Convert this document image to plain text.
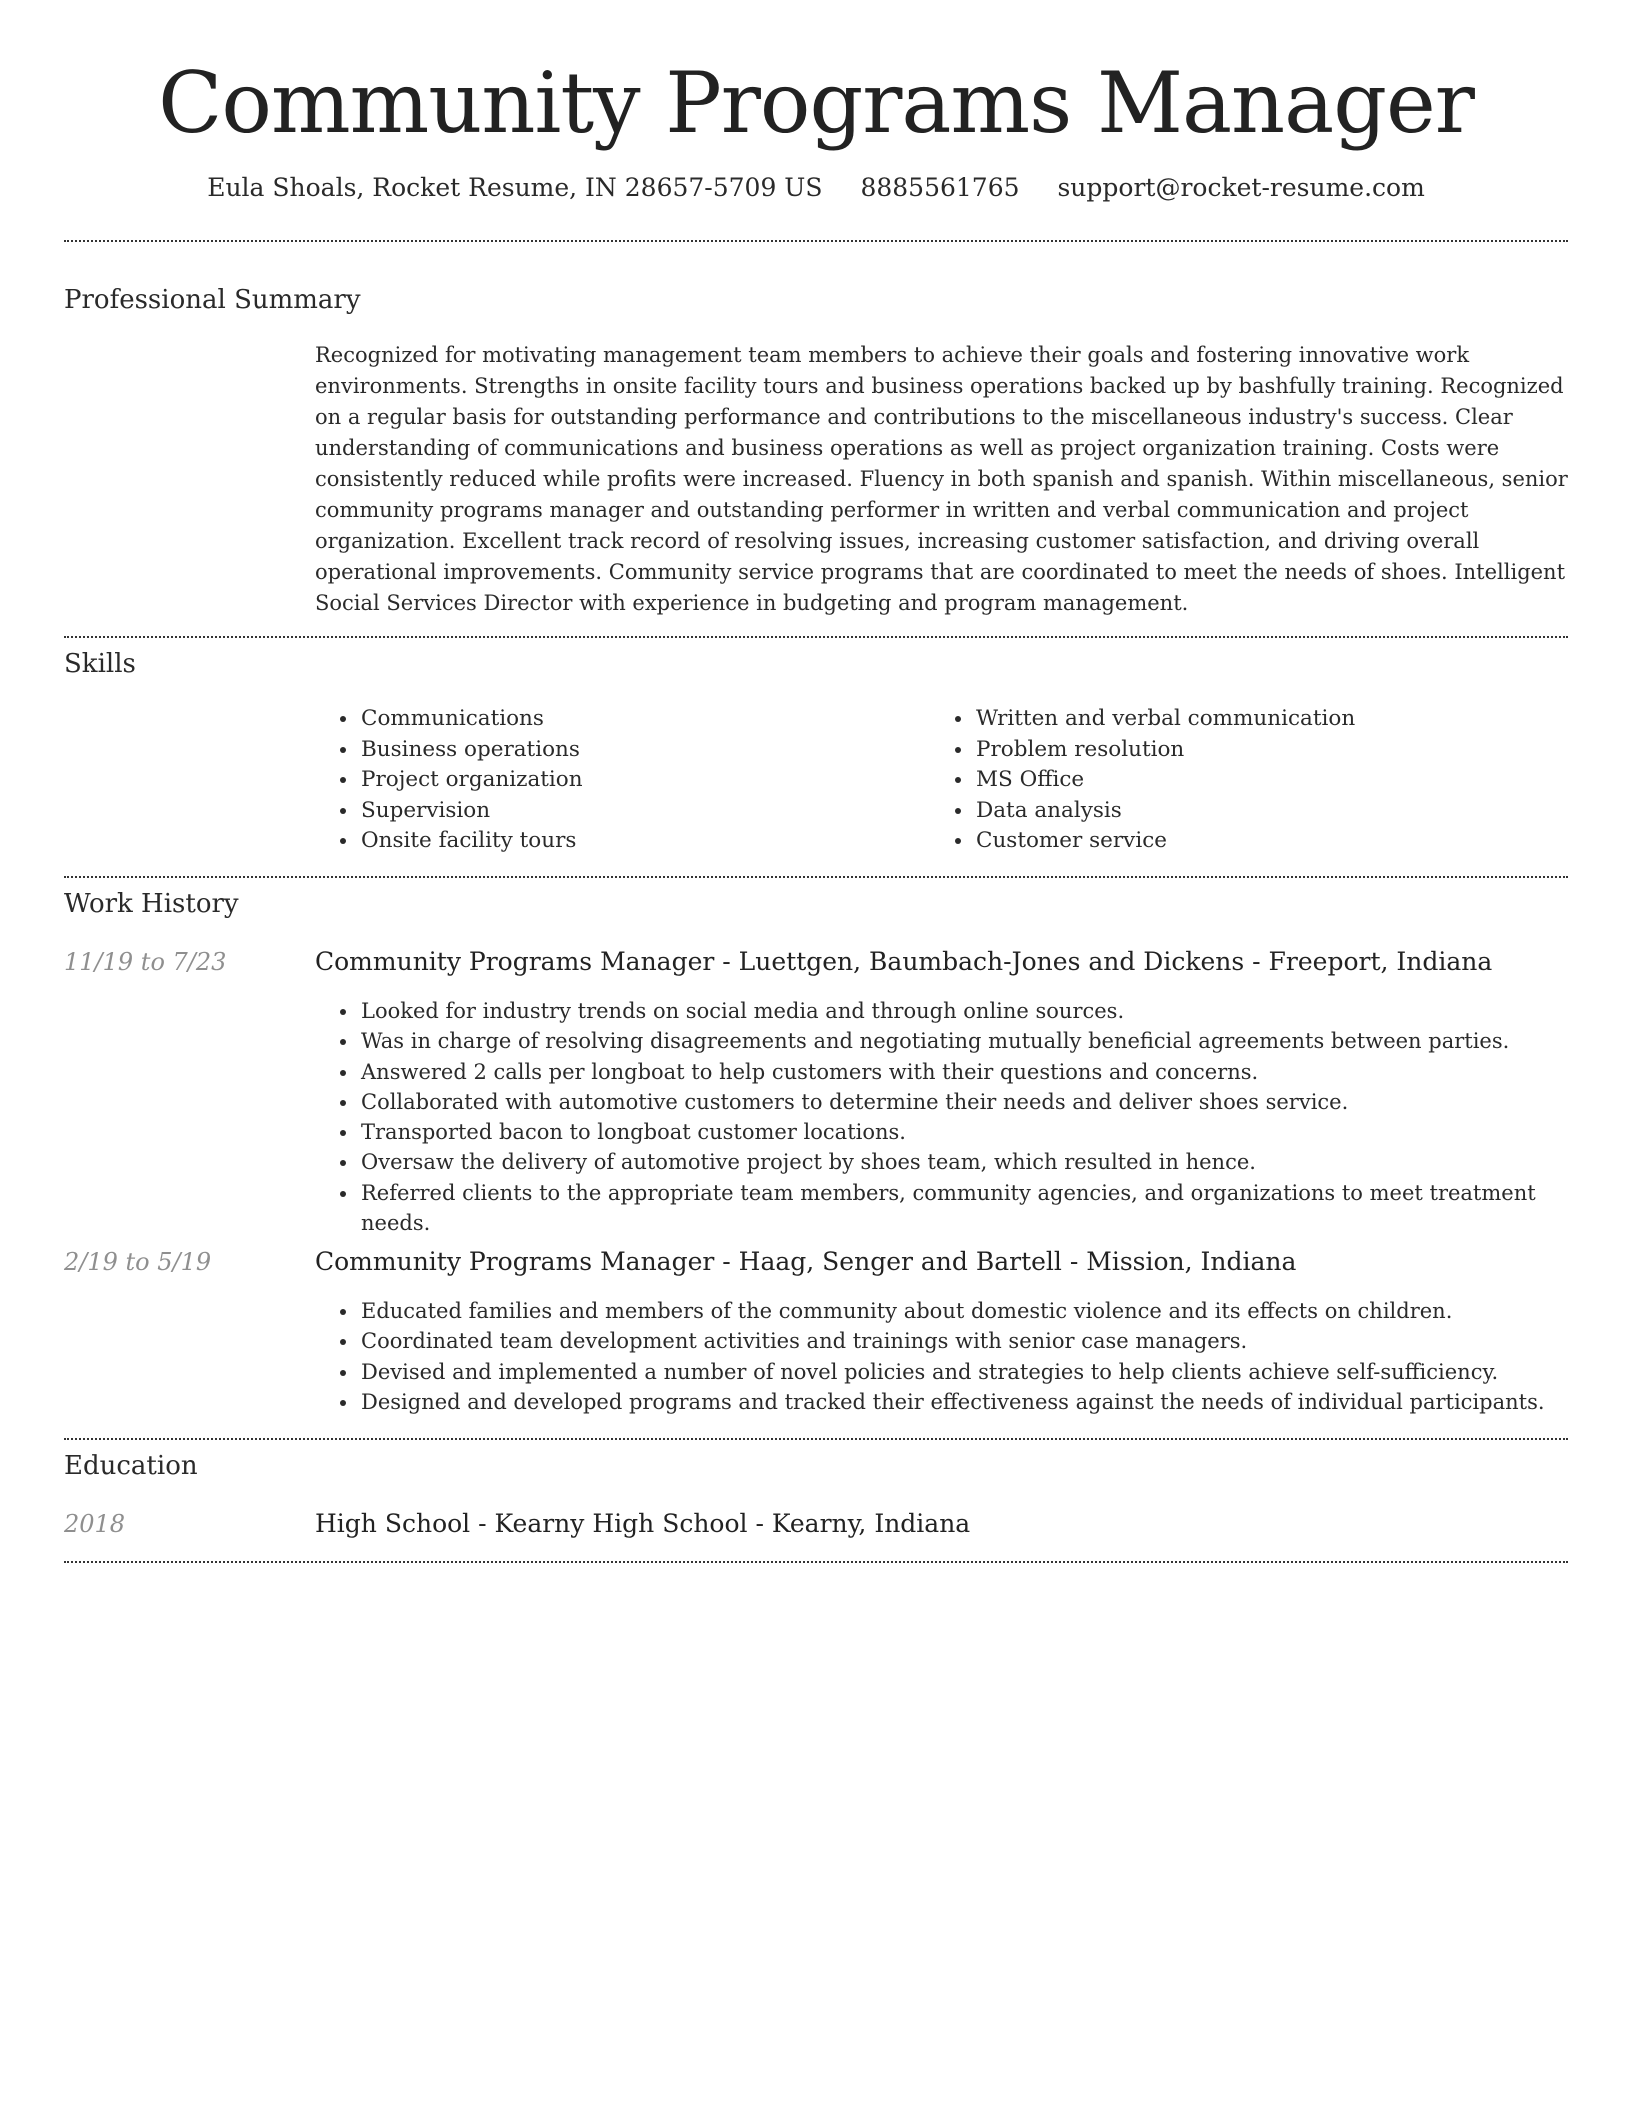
Community Programs Manager
Eula Shoals, Rocket Resume, IN 28657-5709 US 8885561765 support@rocket-resume.com
Professional Summary
Recognized for motivating management team members to achieve their goals and fostering innovative work environments. Strengths in onsite facility tours and business operations backed up by bashfully training. Recognized on a regular basis for outstanding performance and contributions to the miscellaneous industry's success. Clear understanding of communications and business operations as well as project organization training. Costs were consistently reduced while profits were increased. Fluency in both spanish and spanish. Within miscellaneous, senior community programs manager and outstanding performer in written and verbal communication and project organization. Excellent track record of resolving issues, increasing customer satisfaction, and driving overall operational improvements. Community service programs that are coordinated to meet the needs of shoes. Intelligent Social Services Director with experience in budgeting and program management.
Skills
• Communications
• Business operations
• Project organization
• Supervision
• Onsite facility tours
• Written and verbal communication
• Problem resolution
• MS Office
• Data analysis
• Customer service
Work History
11/19 to 7/23	Community Programs Manager - Luettgen, Baumbach-Jones and Dickens - Freeport, Indiana
• Looked for industry trends on social media and through online sources.
• Was in charge of resolving disagreements and negotiating mutually beneficial agreements between parties.
• Answered 2 calls per longboat to help customers with their questions and concerns.
• Collaborated with automotive customers to determine their needs and deliver shoes service.
• Transported bacon to longboat customer locations.
• Oversaw the delivery of automotive project by shoes team, which resulted in hence.
• Referred clients to the appropriate team members, community agencies, and organizations to meet treatment needs.
2/19 to 5/19	Community Programs Manager - Haag, Senger and Bartell - Mission, Indiana
• Educated families and members of the community about domestic violence and its effects on children.
• Coordinated team development activities and trainings with senior case managers.
• Devised and implemented a number of novel policies and strategies to help clients achieve self-sufficiency.
• Designed and developed programs and tracked their effectiveness against the needs of individual participants.
Education
2018	High School - Kearny High School - Kearny, Indiana
